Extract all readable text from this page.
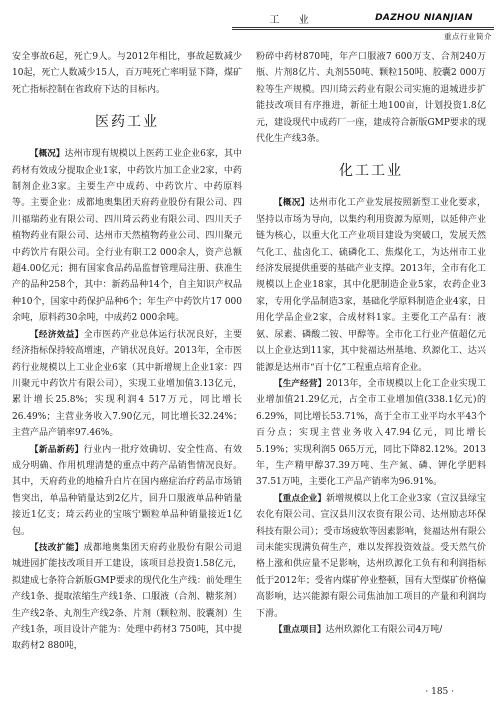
工 业	DAZHOU NIANJIAN
重点行业简介

安全事故6起，死亡9人。与2012年相比，事故起数减少10起，死亡人数减少15人，百万吨死亡率明显下降，煤矿死亡指标控制在省政府下达的目标内。

医药工业

【概况】达州市现有规模以上医药工业企业6家，其中药材有效成分提取企业1家，中药饮片加工企业2家，中药制剂企业3家。主要生产中成药、中药饮片、中药原料等。主要企业：成都地奥集团天府药业股份有限公司、四川福瑞药业有限公司、四川琦云药业有限公司、四川天子植物药业有限公司、达州市天然植物药业公司、四川聚元中药饮片有限公司。全行业有职工2 000余人，资产总额超4.00亿元；拥有国家食品药品监督管理局注册、获准生产的品种258个，其中：新药品种14个，自主知识产权品种10个，国家中药保护品种6个；年生产中药饮片17 000余吨，原料药30余吨，中成药2 000余吨。

【经济效益】全市医药产业总体运行状况良好，主要经济指标保持较高增速，产销状况良好。2013年，全市医药行业规模以上工业企业6家（其中新增规上企业1家：四川聚元中药饮片有限公司），实现工业增加值3.13亿元，累计增长25.8%；实现利润4 517万元，同比增长26.49%；主营业务收入7.90亿元，同比增长32.24%；主营产品产销率97.46%。

【新品新药】行业内一批疗效确切、安全性高、有效成分明确、作用机理清楚的重点中药产品销售情况良好。其中，天府药业的地榆升白片在国内癌症治疗药品市场销售突出，单品种销量达到2亿片，回升口服液单品种销量接近1亿支；琦云药业的宝咳宁颗粒单品种销量接近1亿包。

【技改扩能】成都地奥集团天府药业股份有限公司退城进园扩能技改项目开工建设，该项目总投资1.58亿元，拟建成七条符合新版GMP要求的现代化生产线：前处理生产线1条、提取浓缩生产线1条、口服液（合剂、糖浆剂）生产线2条、丸剂生产线2条、片剂（颗粒剂、胶囊剂）生产线1条，项目设计产能为：处理中药材3 750吨，其中提取药材2 880吨，

粉碎中药材870吨，年产口服液7 600万支、合剂240万瓶、片剂8亿片、丸剂550吨、颗粒150吨、胶囊2 000万粒等生产规模。四川琦云药业有限公司实施的退城进步扩能技改项目有序推进，新征土地100亩，计划投资1.8亿元，建设现代中成药厂一座，建成符合新版GMP要求的现代化生产线3条。

化工工业

【概况】达州市化工产业发展按照新型工业化要求，坚持以市场为导向，以集约利用资源为原则，以延伸产业链为核心，以重大化工产业项目建设为突破口，发展天然气化工、盐卤化工、硫磷化工、焦煤化工，为达州市工业经济发展提供重要的基础产业支撑。2013年，全市有化工规模以上企业18家，其中化肥制造企业5家，农药企业3家，专用化学品制造3家，基础化学原料制造企业4家，日用化学品企业2家，合成材料1家。主要化工产品有：液氨、尿素、磷酸二铵、甲醇等。全市化工行业产值超亿元以上企业达到11家，其中瓮福达州基地、玖源化工、达兴能源是达州市“百十亿”工程重点培育企业。

【生产经营】2013年，全市规模以上化工企业实现工业增加值21.29亿元，占全市工业增加值(338.1亿元)的6.29%，同比增长53.71%，高于全市工业平均水平43个百分点；实现主营业务收入47.94亿元，同比增长5.19%；实现利润5 065万元，同比下降82.12%。2013年，生产精甲醇37.39万吨、生产氮、磷、钾化学肥料37.51万吨，主要化工产品产销率为96.91%。

【重点企业】新增规模以上化工企业3家（宣汉县绿宝农化有限公司、宣汉县川汉农资有限公司、达州励志环保科技有限公司）；受市场疲软等因素影响，瓮福达州有限公司未能实现满负荷生产，难以发挥投资效益。受天然气价格上涨和供应量不足影响，达州玖源化工负有和利润指标低于2012年；受省内煤矿停业整顿，国有大型煤矿价格偏高影响，达兴能源有限公司焦油加工项目的产量和利润均下滑。

【重点项目】达州玖源化工有限公司4万吨/

· 185 ·
